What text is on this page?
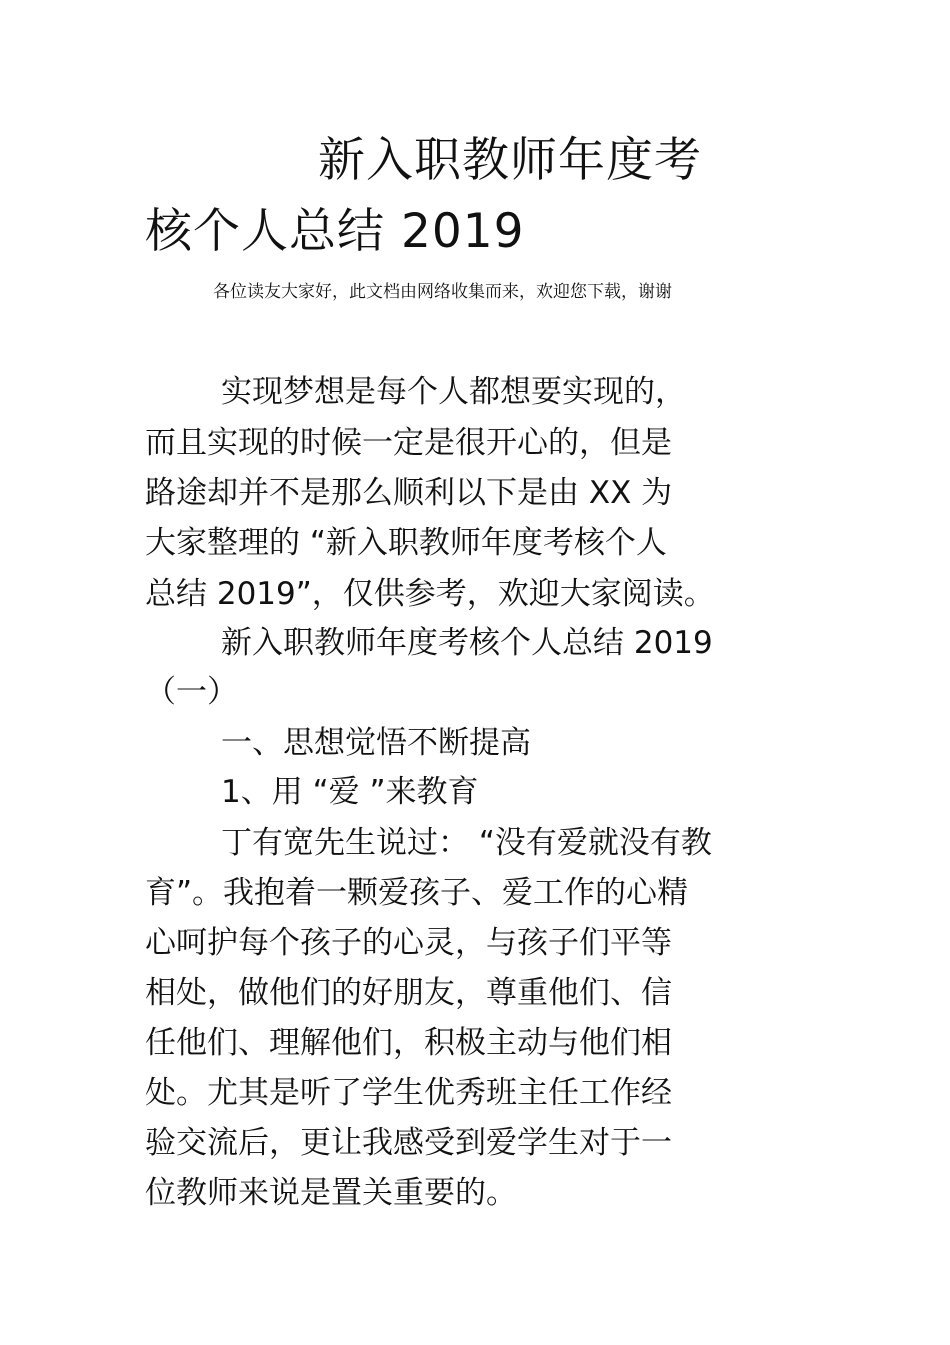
新入职教师年度考
核个人总结 2019
各位读友大家好，此文档由网络收集而来，欢迎您下载，谢谢
实现梦想是每个人都想要实现的，
而且实现的时候一定是很开心的，但是
路途却并不是那么顺利以下是由 XX 为
大家整理的 “新入职教师年度考核个人
总结 2019”，仅供参考，欢迎大家阅读。
新入职教师年度考核个人总结 2019
（一）
一、思想觉悟不断提高
1、用 “爱 ”来教育
丁有宽先生说过： “没有爱就没有教
育”。我抱着一颗爱孩子、爱工作的心精
心呵护每个孩子的心灵，与孩子们平等
相处，做他们的好朋友，尊重他们、信
任他们、理解他们，积极主动与他们相
处。尤其是听了学生优秀班主任工作经
验交流后，更让我感受到爱学生对于一
位教师来说是置关重要的。
